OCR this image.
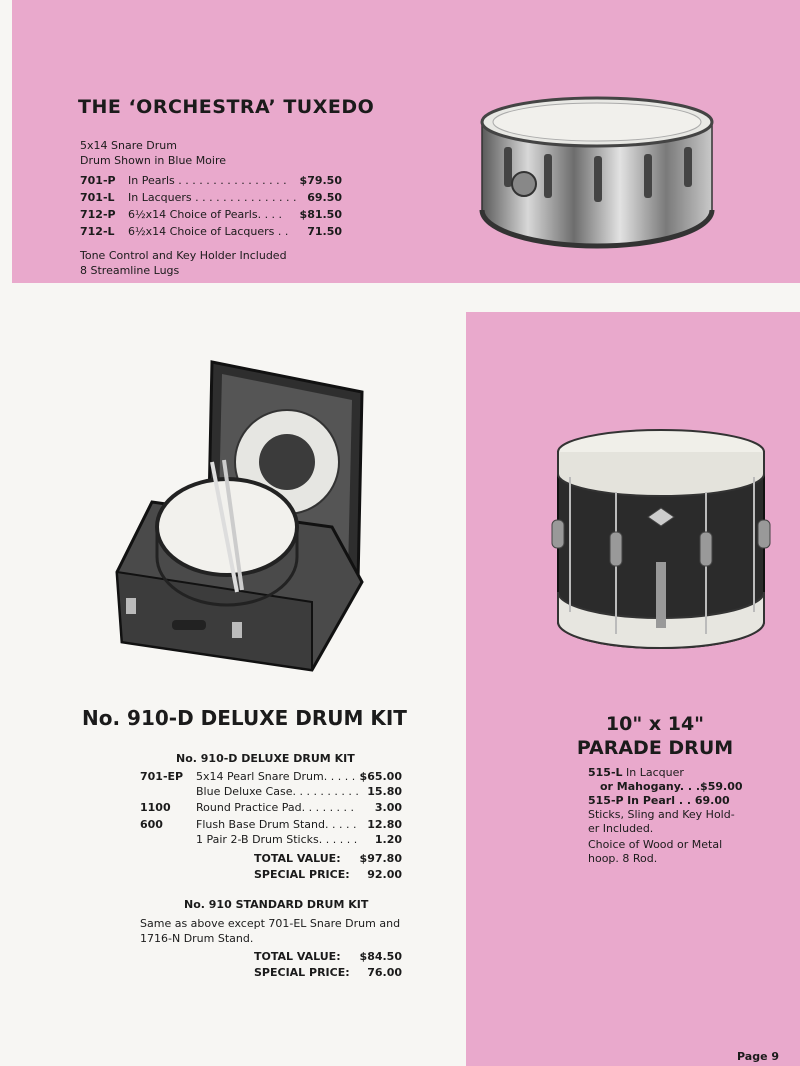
THE ‘ORCHESTRA’ TUXEDO
5x14 Snare Drum
Drum Shown in Blue Moire
701-P In Pearls . . . . . . . . . . . . . . . . $79.50
701-L In Lacquers . . . . . . . . . . . . . . . 69.50
712-P 6½x14 Choice of Pearls. . . . $81.50
712-L 6½x14 Choice of Lacquers . . 71.50
Tone Control and Key Holder Included
8 Streamline Lugs
No. 910-D DELUXE DRUM KIT
No. 910-D DELUXE DRUM KIT
701-EP 5x14 Pearl Snare Drum. . . . . $65.00
Blue Deluxe Case. . . . . . . . . . 15.80
1100 Round Practice Pad. . . . . . . . 3.00
600	Flush Base Drum Stand. . . . . 12.80
1 Pair 2-B Drum Sticks. . . . . . 1.20
TOTAL VALUE: $97.80
SPECIAL PRICE: 92.00
No. 910 STANDARD DRUM KIT
Same as above except 701-EL Snare Drum and
1716-N Drum Stand.
TOTAL VALUE: $84.50
SPECIAL PRICE: 76.00
10" x 14"
PARADE DRUM
515-L In Lacquer
or Mahogany. . .$59.00
515-P In Pearl . . 69.00
Sticks, Sling and Key Hold-
er Included.
Choice of Wood or Metal
hoop. 8 Rod.
Page 9
